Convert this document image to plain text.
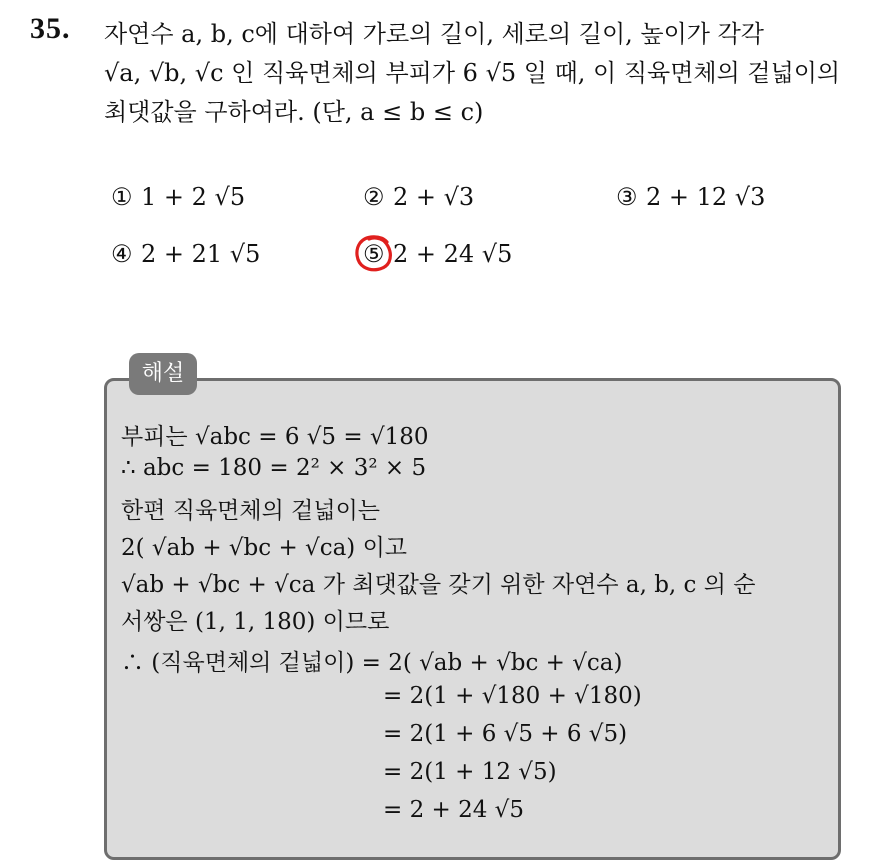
35. 자연수 a, b, c에 대하여 가로의 길이, 세로의 길이, 높이가 각각
√a, √b, √c 인 직육면체의 부피가 6 √5 일 때, 이 직육면체의 겉넓이의
최댓값을 구하여라. (단, a ≤ b ≤ c)
① 1 + 2 √5	② 2 + √3	③ 2 + 12 √3
④ 2 + 21 √5	⑤ 2 + 24 √5
해설
부피는 √abc = 6 √5 = √180
∴ abc = 180 = 2² × 3² × 5
한편 직육면체의 겉넓이는
2( √ab + √bc + √ca) 이고
√ab + √bc + √ca 가 최댓값을 갖기 위한 자연수 a, b, c 의 순
서쌍은 (1, 1, 180) 이므로
∴ (직육면체의 겉넓이) = 2( √ab + √bc + √ca)
= 2(1 + √180 + √180)
= 2(1 + 6 √5 + 6 √5)
= 2(1 + 12 √5)
= 2 + 24 √5
